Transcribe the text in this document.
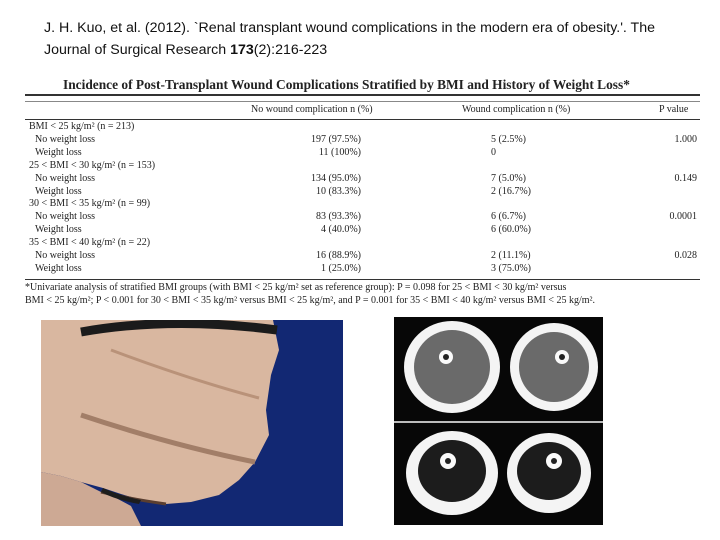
J. H. Kuo, et al. (2012). `Renal transplant wound complications in the modern era of obesity.'. The Journal of Surgical Research 173(2):216-223
Incidence of Post-Transplant Wound Complications Stratified by BMI and History of Weight Loss*
No wound complication n (%)	Wound complication n (%)	P value
BMI < 25 kg/m² (n = 213)
No weight loss	197 (97.5%)	5 (2.5%)	1.000
Weight loss	11 (100%)	0
25 < BMI < 30 kg/m² (n = 153)
No weight loss	134 (95.0%)	7 (5.0%)	0.149
Weight loss	10 (83.3%)	2 (16.7%)
30 < BMI < 35 kg/m² (n = 99)
No weight loss	83 (93.3%)	6 (6.7%)	0.0001
Weight loss	4 (40.0%)	6 (60.0%)
35 < BMI < 40 kg/m² (n = 22)
No weight loss	16 (88.9%)	2 (11.1%)	0.028
Weight loss	1 (25.0%)	3 (75.0%)
*Univariate analysis of stratified BMI groups (with BMI < 25 kg/m² set as reference group): P = 0.098 for 25 < BMI < 30 kg/m² versus
BMI < 25 kg/m²; P < 0.001 for 30 < BMI < 35 kg/m² versus BMI < 25 kg/m², and P = 0.001 for 35 < BMI < 40 kg/m² versus BMI < 25 kg/m².
